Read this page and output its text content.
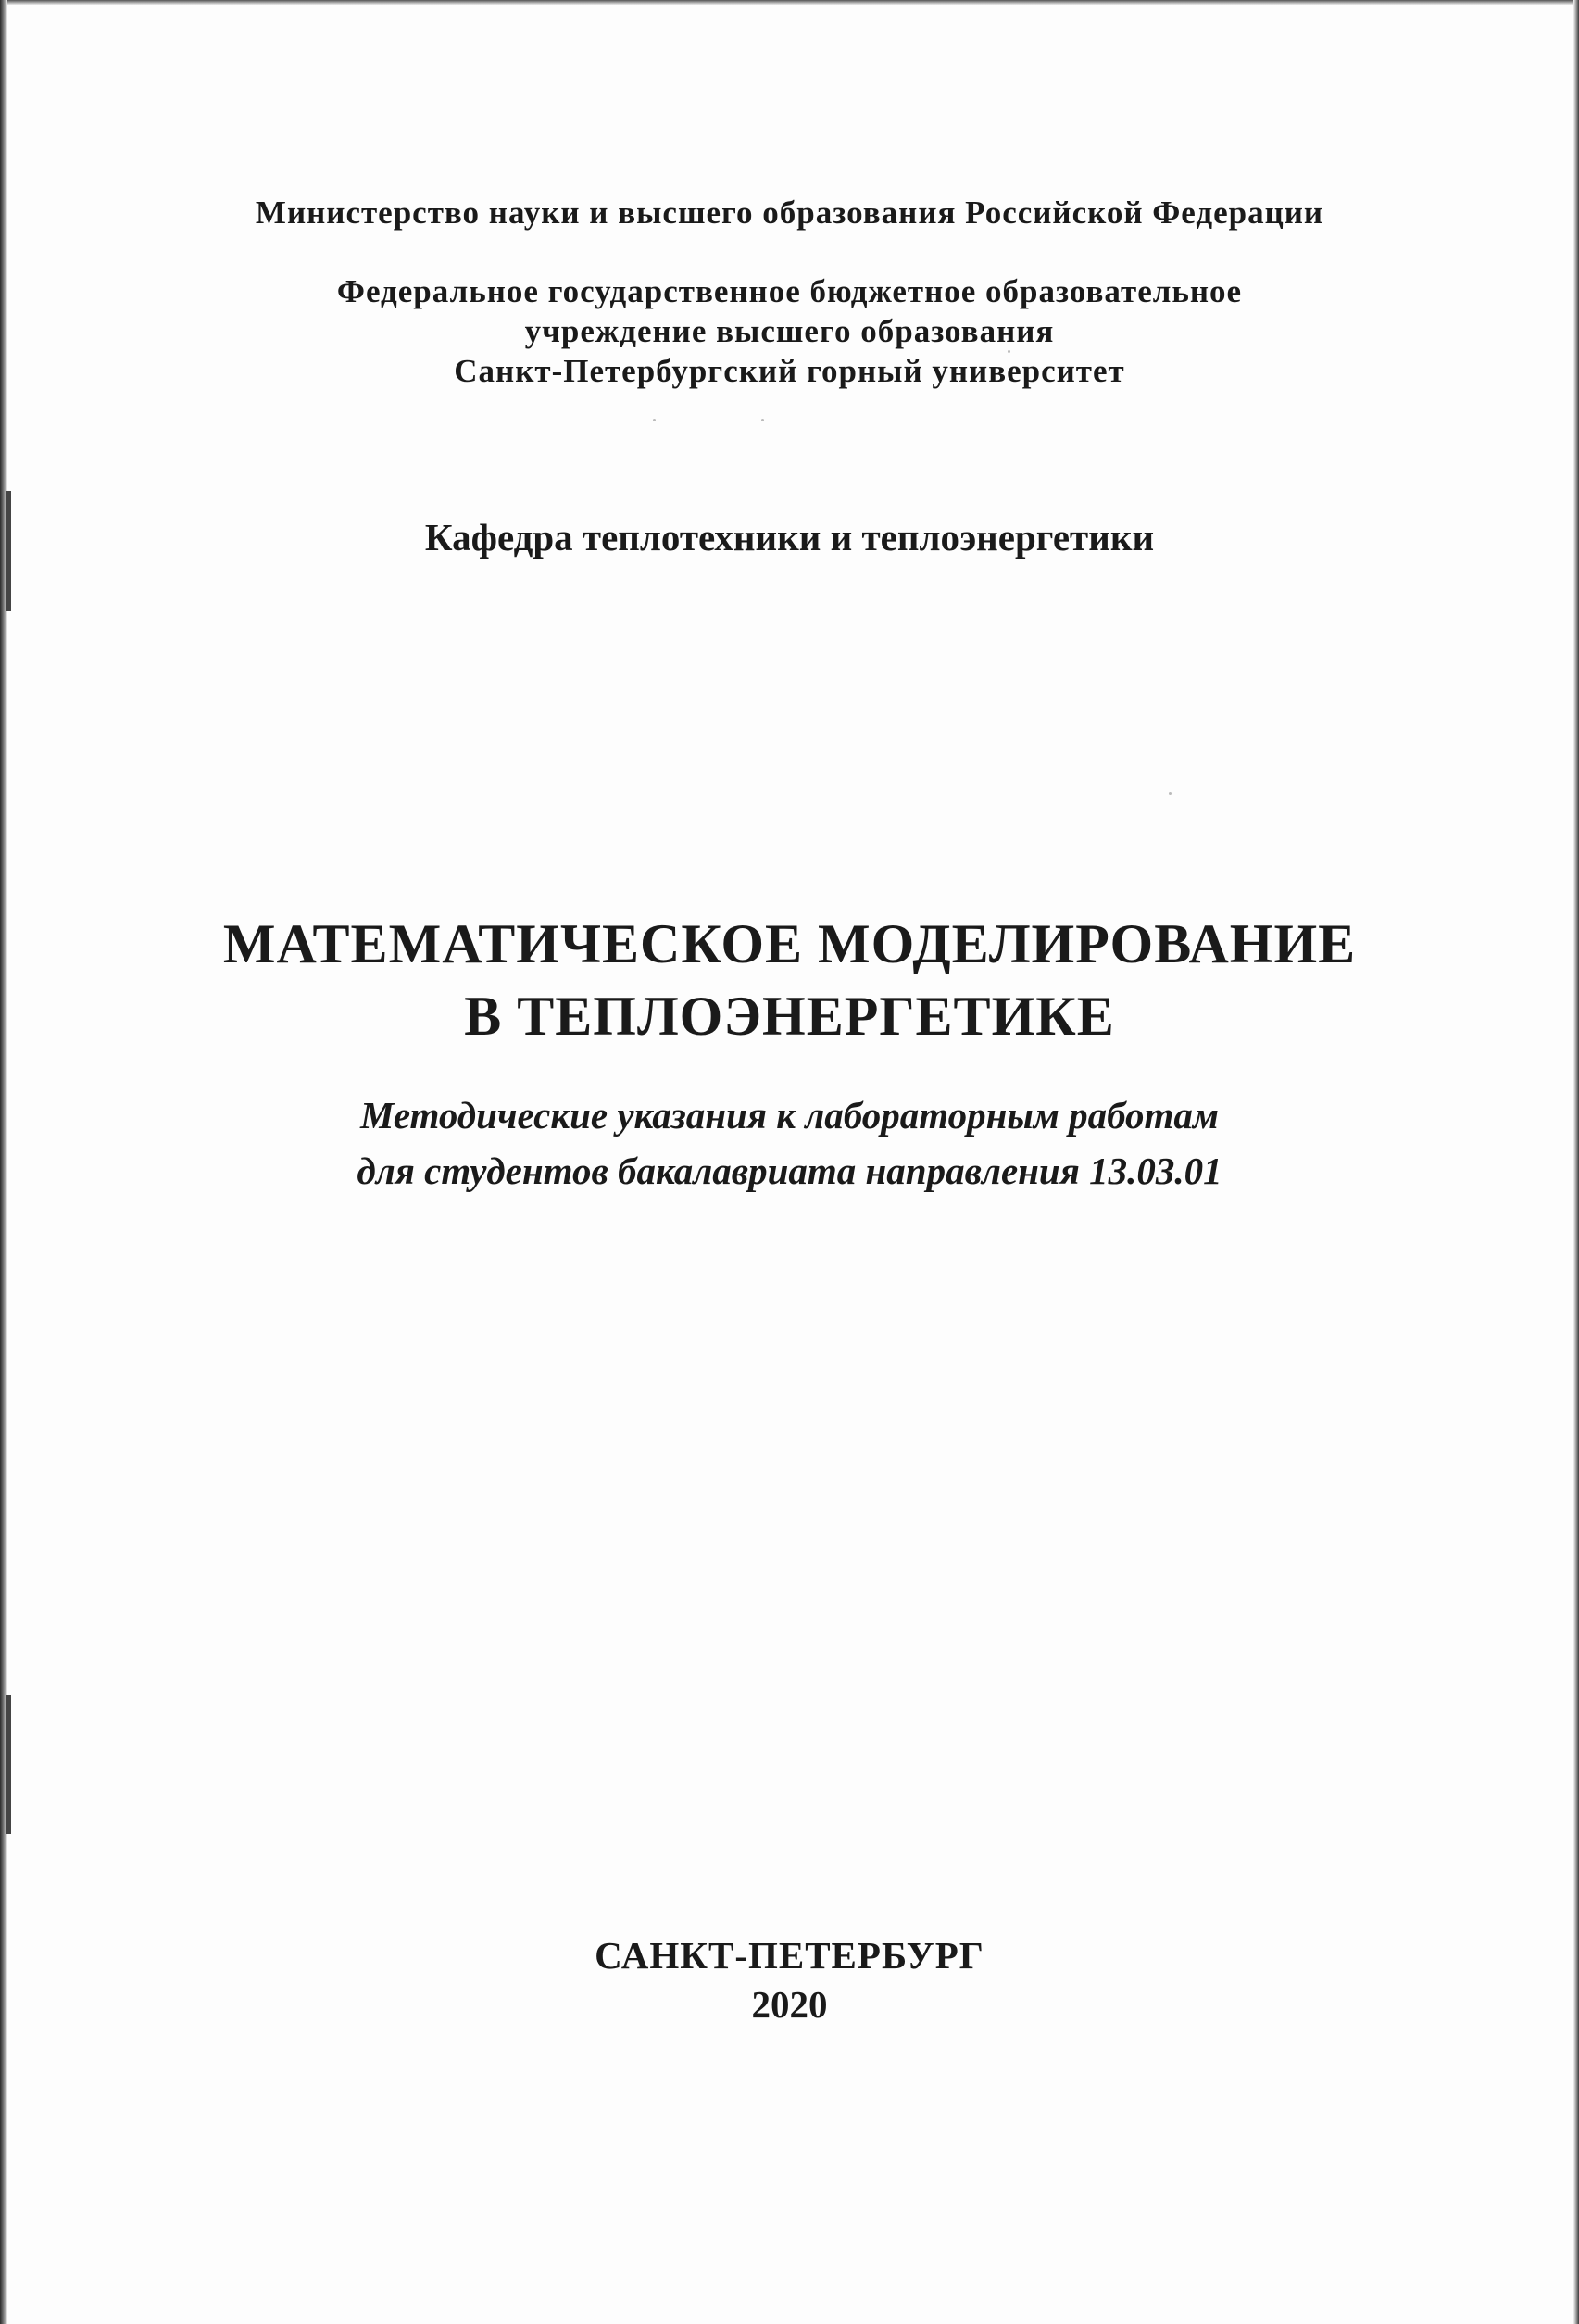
Министерство науки и высшего образования Российской Федерации

Федеральное государственное бюджетное образовательное

учреждение высшего образования

Санкт-Петербургский горный университет

Кафедра теплотехники и теплоэнергетики

МАТЕМАТИЧЕСКОЕ МОДЕЛИРОВАНИЕ
В ТЕПЛОЭНЕРГЕТИКЕ

Методические указания к лабораторным работам

для студентов бакалавриата направления 13.03.01

САНКТ-ПЕТЕРБУРГ

2020
